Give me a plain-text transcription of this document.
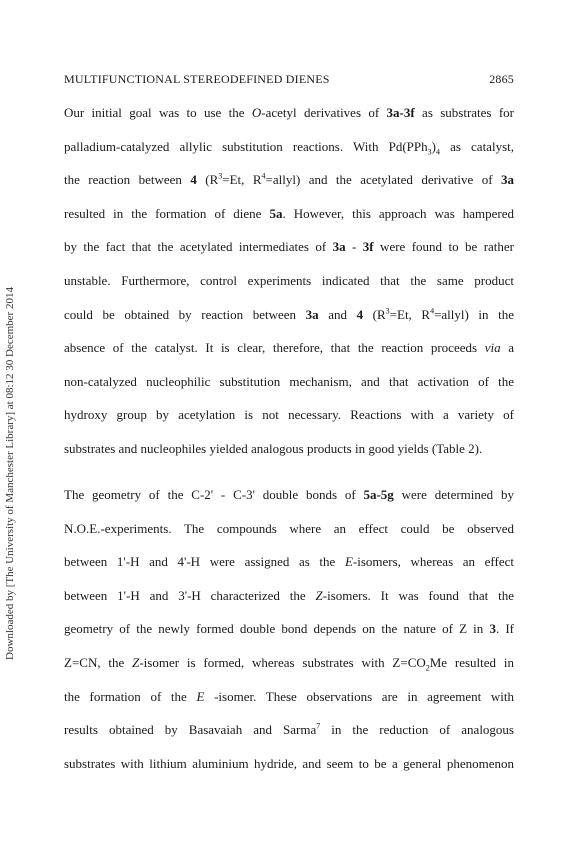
MULTIFUNCTIONAL STEREODEFINED DIENES	2865
Downloaded by [The University of Manchester Library] at 08:12 30 December 2014
Our initial goal was to use the O-acetyl derivatives of 3a-3f as substrates for
palladium-catalyzed allylic substitution reactions. With $Pd(PPh_3)_4$ as catalyst,
the reaction between 4 ($R^3=Et$, $R^4=allyl$) and the acetylated derivative of 3a
resulted in the formation of diene 5a. However, this approach was hampered
by the fact that the acetylated intermediates of 3a - 3f were found to be rather
unstable. Furthermore, control experiments indicated that the same product
could be obtained by reaction between 3a and 4 ($R^3=Et$, $R^4=allyl$) in the
absence of the catalyst. It is clear, therefore, that the reaction proceeds via a
non-catalyzed nucleophilic substitution mechanism, and that activation of the
hydroxy group by acetylation is not necessary. Reactions with a variety of
substrates and nucleophiles yielded analogous products in good yields (Table 2).
The geometry of the C-2' - C-3' double bonds of 5a-5g were determined by
N.O.E.-experiments. The compounds where an effect could be observed
between 1'-H and 4'-H were assigned as the E-isomers, whereas an effect
between 1'-H and 3'-H characterized the Z-isomers. It was found that the
geometry of the newly formed double bond depends on the nature of Z in 3. If
Z=CN, the Z-isomer is formed, whereas substrates with $Z=CO_2Me$ resulted in
the formation of the E -isomer. These observations are in agreement with
results obtained by Basavaiah and Sarma$^7$ in the reduction of analogous
substrates with lithium aluminium hydride, and seem to be a general phenomenon
